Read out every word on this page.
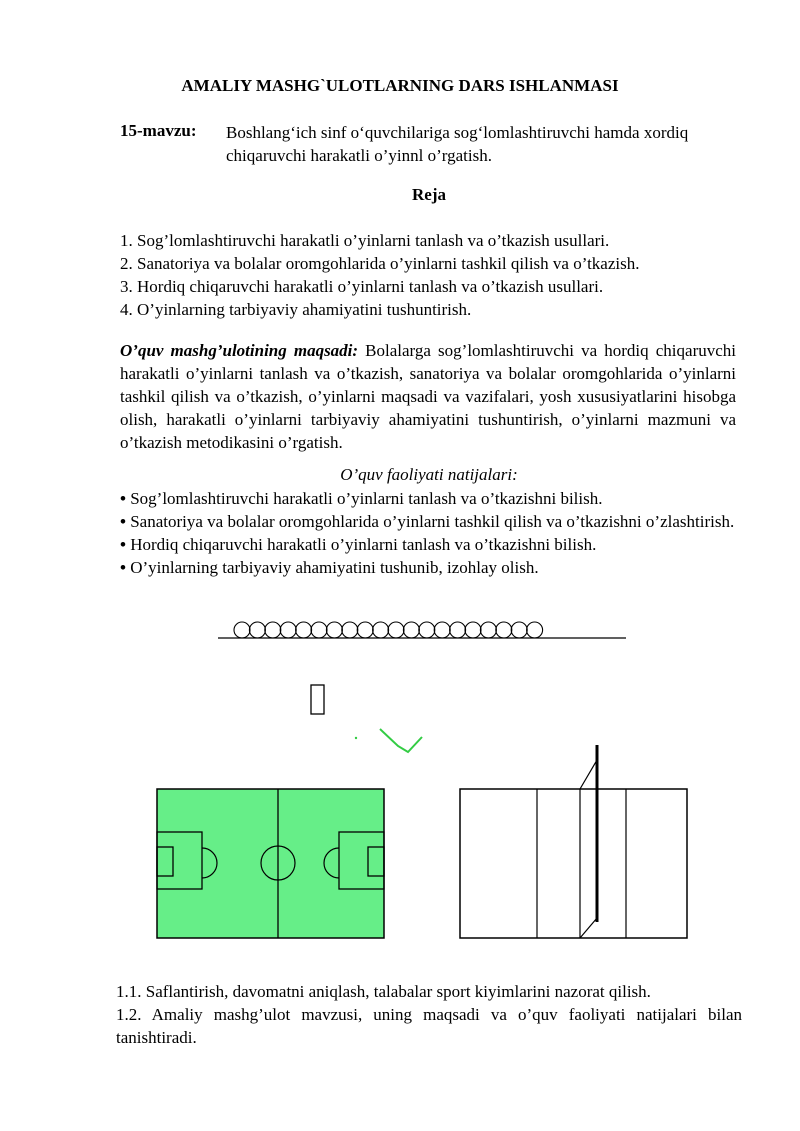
AMALIY MASHG`ULOTLARNING DARS ISHLANMASI
15-mavzu: Boshlang‘ich sinf o‘quvchilariga sog‘lomlashtiruvchi hamda xordiq chiqaruvchi harakatli o’yinnl o’rgatish.
Reja
1. Sog’lomlashtiruvchi harakatli o’yinlarni tanlash va o’tkazish usullari.
2. Sanatoriya va bolalar oromgohlarida o’yinlarni tashkil qilish va o’tkazish.
3. Hordiq chiqaruvchi harakatli o’yinlarni tanlash va o’tkazish usullari.
4. O’yinlarning tarbiyaviy ahamiyatini tushuntirish.
O’quv mashg’ulotining maqsadi: Bolalarga sog’lomlashtiruvchi va hordiq chiqaruvchi harakatli o’yinlarni tanlash va o’tkazish, sanatoriya va bolalar oromgohlarida o’yinlarni tashkil qilish va o’tkazish, o’yinlarni maqsadi va vazifalari, yosh xususiyatlarini hisobga olish, harakatli o’yinlarni tarbiyaviy ahamiyatini tushuntirish, o’yinlarni mazmuni va o’tkazish metodikasini o’rgatish.
O’quv faoliyati natijalari:
• Sog’lomlashtiruvchi harakatli o’yinlarni tanlash va o’tkazishni bilish.
• Sanatoriya va bolalar oromgohlarida o’yinlarni tashkil qilish va o’tkazishni o’zlashtirish.
• Hordiq chiqaruvchi harakatli o’yinlarni tanlash va o’tkazishni bilish.
• O’yinlarning tarbiyaviy ahamiyatini tushunib, izohlay olish.
1.1. Saflantirish, davomatni aniqlash, talabalar sport kiyimlarini nazorat qilish.
1.2. Amaliy mashg’ulot mavzusi, uning maqsadi va o’quv faoliyati natijalari bilan tanishtiradi.
